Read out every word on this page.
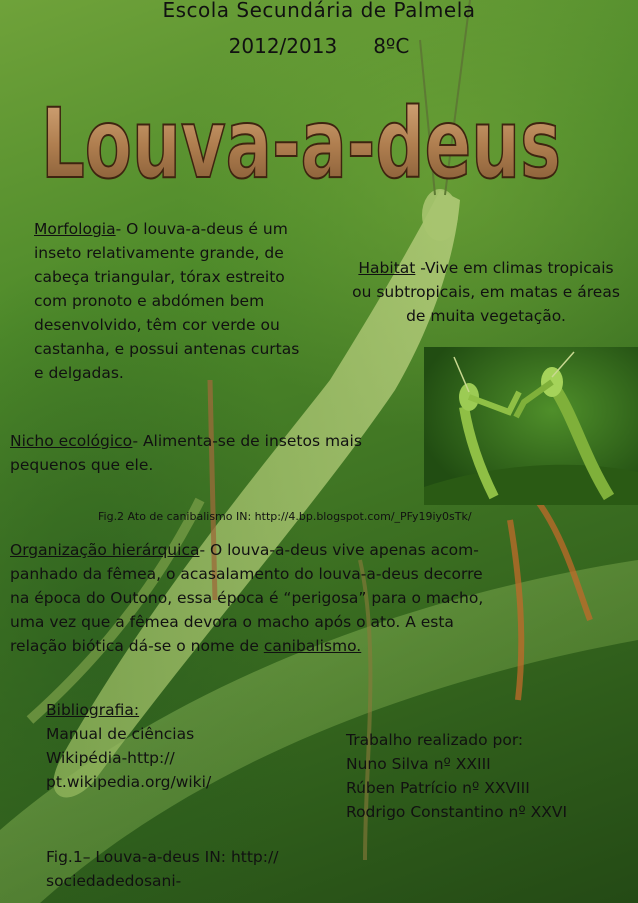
Escola Secundária de Palmela
2012/2013 8ºC
Louva-a-deus
Morfologia- O louva-a-deus é um
inseto relativamente grande, de
cabeça triangular, tórax estreito
com pronoto e abdómen bem
desenvolvido, têm cor verde ou
castanha, e possui antenas curtas
e delgadas.
Habitat -Vive em climas tropicais
ou subtropicais, em matas e áreas
de muita vegetação.
Nicho ecológico- Alimenta-se de insetos mais
pequenos que ele.
Fig.2 Ato de canibalismo IN: http://4.bp.blogspot.com/_PFy19iy0sTk/
Organização hierárquica- O louva-a-deus vive apenas acom-
panhado da fêmea, o acasalamento do louva-a-deus decorre
na época do Outono, essa época é “perigosa” para o macho,
uma vez que a fêmea devora o macho após o ato. A esta
relação biótica dá-se o nome de canibalismo.
Bibliografia:
Manual de ciências
Wikipédia-http://
pt.wikipedia.org/wiki/
Trabalho realizado por:
Nuno Silva nº XXIII
Rúben Patrício nº XXVIII
Rodrigo Constantino nº XXVI
Fig.1– Louva-a-deus IN: http://
sociedadedosani-
